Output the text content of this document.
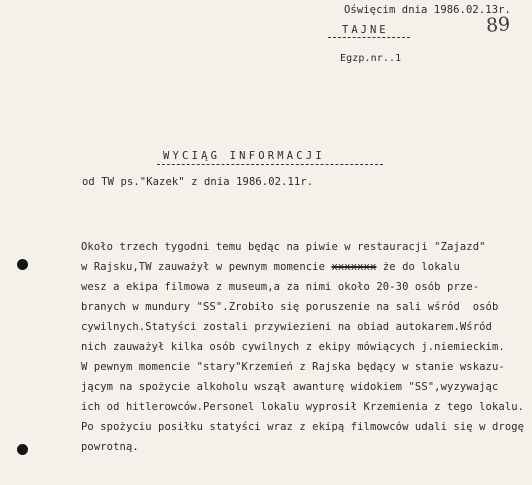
Oświęcim dnia 1986.02.13r.
TAJNE
Egzp.nr..1
89
WYCIĄG INFORMACJI
od TW ps."Kazek" z dnia 1986.02.11r.
Około trzech tygodni temu będąc na piwie w restauracji "Zajazd"
w Rajsku,TW zauważył w pewnym momencie xxxxxxx że do lokalu
wesz a ekipa filmowa z museum,a za nimi około 20-30 osób prze-
branych w mundury "SS".Zrobiło się poruszenie na sali wśród  osób
cywilnych.Statyści zostali przywiezieni na obiad autokarem.Wśród
nich zauważył kilka osób cywilnych z ekipy mówiących j.niemieckim.
W pewnym momencie "stary"Krzemień z Rajska będący w stanie wskazu-
jącym na spożycie alkoholu wszął awanturę widokiem "SS",wyzywając
ich od hitlerowców.Personel lokalu wyprosił Krzemienia z tego lokalu.
Po spożyciu posiłku statyści wraz z ekipą filmowców udali się w drogę
powrotną.
